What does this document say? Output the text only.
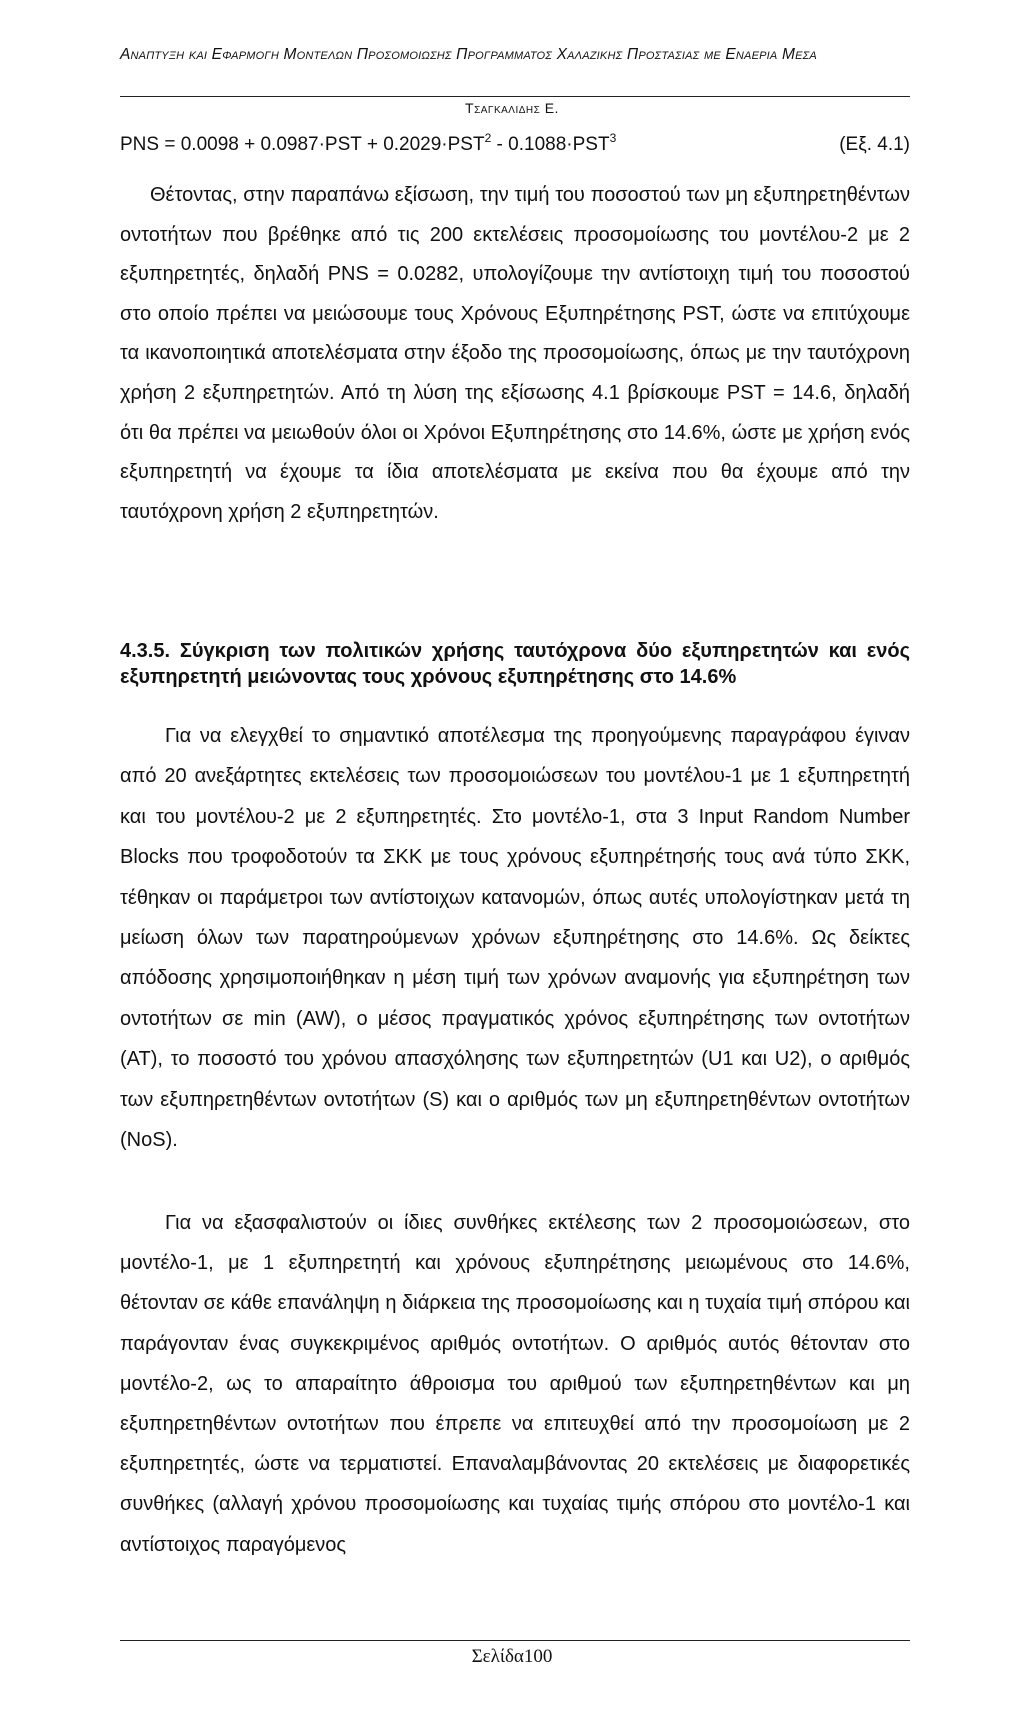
Αναπτυξη και Εφαρμογη Μοντελων Προσομοιωσης Προγραμματος Χαλαζικης Προστασιας με Εναερια Μεσα
Τσαγκαλιδης Ε.
PNS = $0.0098 + 0.0987\cdot PST + 0.2029\cdot PST^2 - 0.1088\cdot PST^3$	(Εξ. 4.1)

Θέτοντας, στην παραπάνω εξίσωση, την τιμή του ποσοστού των μη εξυπηρετηθέντων οντοτήτων που βρέθηκε από τις 200 εκτελέσεις προσομοίωσης του μοντέλου-2 με 2 εξυπηρετητές, δηλαδή PNS = 0.0282, υπολογίζουμε την αντίστοιχη τιμή του ποσοστού στο οποίο πρέπει να μειώσουμε τους Χρόνους Εξυπηρέτησης PST, ώστε να επιτύχουμε τα ικανοποιητικά αποτελέσματα στην έξοδο της προσομοίωσης, όπως με την ταυτόχρονη χρήση 2 εξυπηρετητών. Από τη λύση της εξίσωσης 4.1 βρίσκουμε PST = 14.6, δηλαδή ότι θα πρέπει να μειωθούν όλοι οι Χρόνοι Εξυπηρέτησης στο 14.6%, ώστε με χρήση ενός εξυπηρετητή να έχουμε τα ίδια αποτελέσματα με εκείνα που θα έχουμε από την ταυτόχρονη χρήση 2 εξυπηρετητών.

4.3.5. Σύγκριση των πολιτικών χρήσης ταυτόχρονα δύο εξυπηρετητών και ενός εξυπηρετητή μειώνοντας τους χρόνους εξυπηρέτησης στο 14.6%

Για να ελεγχθεί το σημαντικό αποτέλεσμα της προηγούμενης παραγράφου έγιναν από 20 ανεξάρτητες εκτελέσεις των προσομοιώσεων του μοντέλου-1 με 1 εξυπηρετητή και του μοντέλου-2 με 2 εξυπηρετητές. Στο μοντέλο-1, στα 3 Input Random Number Blocks που τροφοδοτούν τα ΣΚΚ με τους χρόνους εξυπηρέτησής τους ανά τύπο ΣΚΚ, τέθηκαν οι παράμετροι των αντίστοιχων κατανομών, όπως αυτές υπολογίστηκαν μετά τη μείωση όλων των παρατηρούμενων χρόνων εξυπηρέτησης στο 14.6%. Ως δείκτες απόδοσης χρησιμοποιήθηκαν η μέση τιμή των χρόνων αναμονής για εξυπηρέτηση των οντοτήτων σε min (AW), ο μέσος πραγματικός χρόνος εξυπηρέτησης των οντοτήτων (AT), το ποσοστό του χρόνου απασχόλησης των εξυπηρετητών (U1 και U2), ο αριθμός των εξυπηρετηθέντων οντοτήτων (S) και ο αριθμός των μη εξυπηρετηθέντων οντοτήτων (NoS).

Για να εξασφαλιστούν οι ίδιες συνθήκες εκτέλεσης των 2 προσομοιώσεων, στο μοντέλο-1, με 1 εξυπηρετητή και χρόνους εξυπηρέτησης μειωμένους στο 14.6%, θέτονταν σε κάθε επανάληψη η διάρκεια της προσομοίωσης και η τυχαία τιμή σπόρου και παράγονταν ένας συγκεκριμένος αριθμός οντοτήτων. Ο αριθμός αυτός θέτονταν στο μοντέλο-2, ως το απαραίτητο άθροισμα του αριθμού των εξυπηρετηθέντων και μη εξυπηρετηθέντων οντοτήτων που έπρεπε να επιτευχθεί από την προσομοίωση με 2 εξυπηρετητές, ώστε να τερματιστεί. Επαναλαμβάνοντας 20 εκτελέσεις με διαφορετικές συνθήκες (αλλαγή χρόνου προσομοίωσης και τυχαίας τιμής σπόρου στο μοντέλο-1 και αντίστοιχος παραγόμενος

Σελίδα100
